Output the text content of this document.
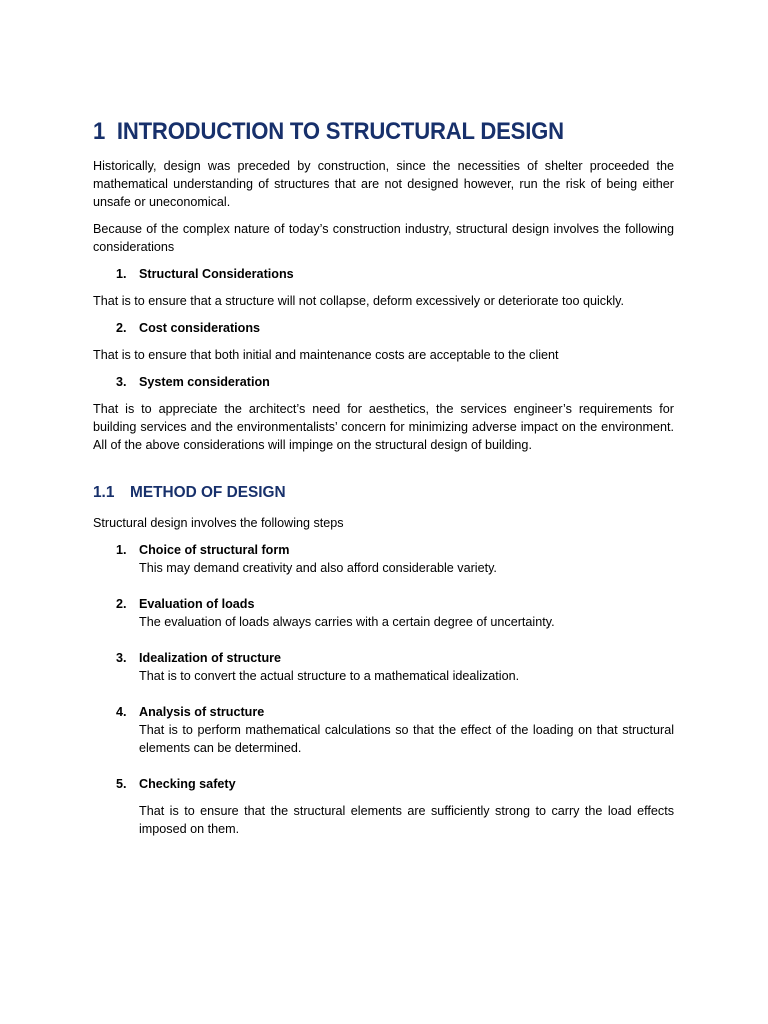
1 INTRODUCTION TO STRUCTURAL DESIGN

Historically, design was preceded by construction, since the necessities of shelter proceeded the mathematical understanding of structures that are not designed however, run the risk of being either unsafe or uneconomical.

Because of the complex nature of today’s construction industry, structural design involves the following considerations

1. Structural Considerations

That is to ensure that a structure will not collapse, deform excessively or deteriorate too quickly.

2. Cost considerations

That is to ensure that both initial and maintenance costs are acceptable to the client

3. System consideration

That is to appreciate the architect’s need for aesthetics, the services engineer’s requirements for building services and the environmentalists’ concern for minimizing adverse impact on the environment. All of the above considerations will impinge on the structural design of building.

1.1 METHOD OF DESIGN

Structural design involves the following steps

1. Choice of structural form
This may demand creativity and also afford considerable variety.
2. Evaluation of loads
The evaluation of loads always carries with a certain degree of uncertainty.
3. Idealization of structure
That is to convert the actual structure to a mathematical idealization.
4. Analysis of structure
That is to perform mathematical calculations so that the effect of the loading on that structural elements can be determined.
5. Checking safety
That is to ensure that the structural elements are sufficiently strong to carry the load effects imposed on them.
